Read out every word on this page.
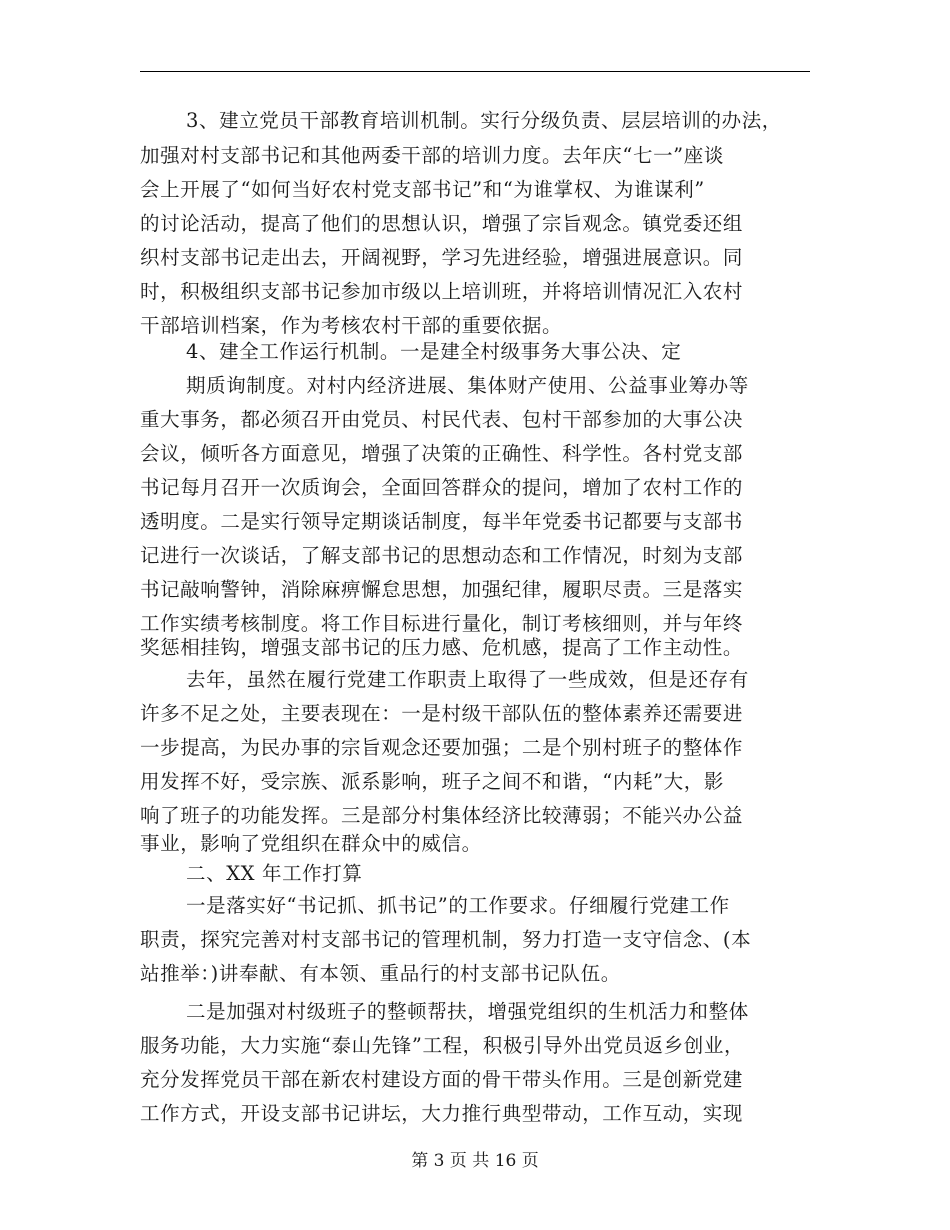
3、建立党员干部教育培训机制。实行分级负责、层层培训的办法，
加强对村支部书记和其他两委干部的培训力度。去年庆“七一”座谈
会上开展了“如何当好农村党支部书记”和“为谁掌权、为谁谋利”
的讨论活动，提高了他们的思想认识，增强了宗旨观念。镇党委还组
织村支部书记走出去，开阔视野，学习先进经验，增强进展意识。同
时，积极组织支部书记参加市级以上培训班，并将培训情况汇入农村
干部培训档案，作为考核农村干部的重要依据。
4、建全工作运行机制。一是建全村级事务大事公决、定
期质询制度。对村内经济进展、集体财产使用、公益事业筹办等
重大事务，都必须召开由党员、村民代表、包村干部参加的大事公决
会议，倾听各方面意见，增强了决策的正确性、科学性。各村党支部
书记每月召开一次质询会，全面回答群众的提问，增加了农村工作的
透明度。二是实行领导定期谈话制度，每半年党委书记都要与支部书
记进行一次谈话，了解支部书记的思想动态和工作情况，时刻为支部
书记敲响警钟，消除麻痹懈怠思想，加强纪律，履职尽责。三是落实
工作实绩考核制度。将工作目标进行量化，制订考核细则，并与年终
奖惩相挂钩，增强支部书记的压力感、危机感，提高了工作主动性。
去年，虽然在履行党建工作职责上取得了一些成效，但是还存有
许多不足之处，主要表现在：一是村级干部队伍的整体素养还需要进
一步提高，为民办事的宗旨观念还要加强；二是个别村班子的整体作
用发挥不好，受宗族、派系影响，班子之间不和谐，“内耗”大，影
响了班子的功能发挥。三是部分村集体经济比较薄弱；不能兴办公益
事业，影响了党组织在群众中的威信。
二、XX 年工作打算
一是落实好“书记抓、抓书记”的工作要求。仔细履行党建工作
职责，探究完善对村支部书记的管理机制，努力打造一支守信念、(本
站推举：)讲奉献、有本领、重品行的村支部书记队伍。
二是加强对村级班子的整顿帮扶，增强党组织的生机活力和整体
服务功能，大力实施“泰山先锋”工程，积极引导外出党员返乡创业，
充分发挥党员干部在新农村建设方面的骨干带头作用。三是创新党建
工作方式，开设支部书记讲坛，大力推行典型带动，工作互动，实现
第 3 页 共 16 页
